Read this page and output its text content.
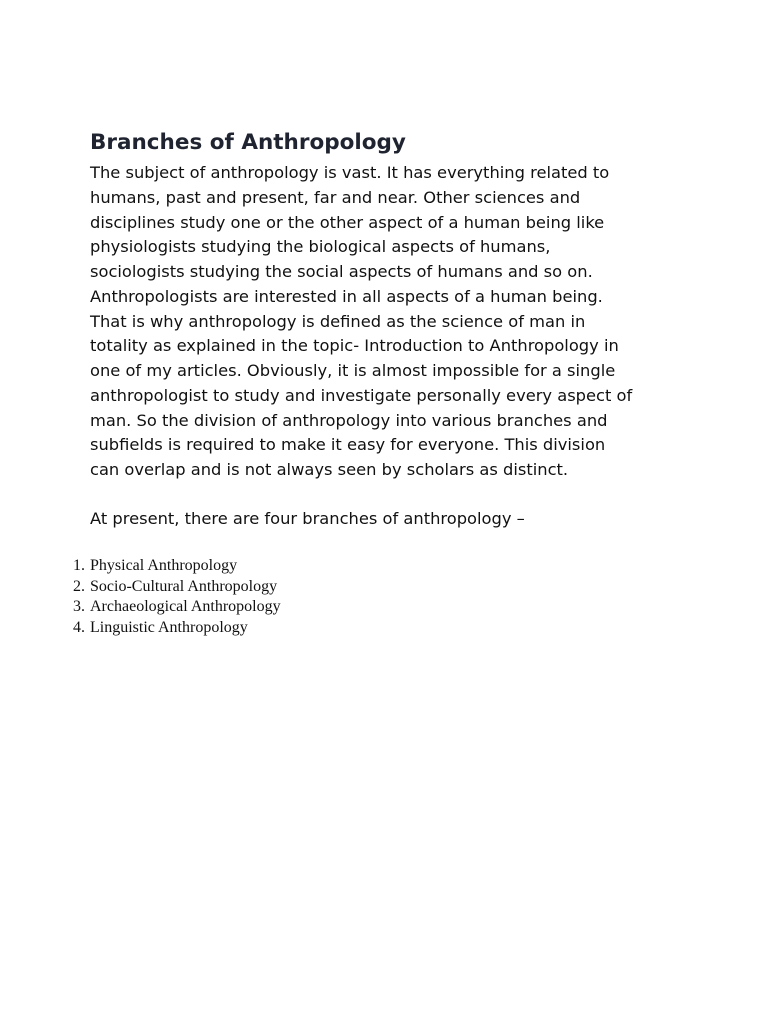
Branches of Anthropology

The subject of anthropology is vast. It has everything related to
humans, past and present, far and near. Other sciences and
disciplines study one or the other aspect of a human being like
physiologists studying the biological aspects of humans,
sociologists studying the social aspects of humans and so on.
Anthropologists are interested in all aspects of a human being.
That is why anthropology is defined as the science of man in
totality as explained in the topic- Introduction to Anthropology in
one of my articles. Obviously, it is almost impossible for a single
anthropologist to study and investigate personally every aspect of
man. So the division of anthropology into various branches and
subfields is required to make it easy for everyone. This division
can overlap and is not always seen by scholars as distinct.

At present, there are four branches of anthropology –

1. Physical Anthropology
2. Socio-Cultural Anthropology
3. Archaeological Anthropology
4. Linguistic Anthropology
